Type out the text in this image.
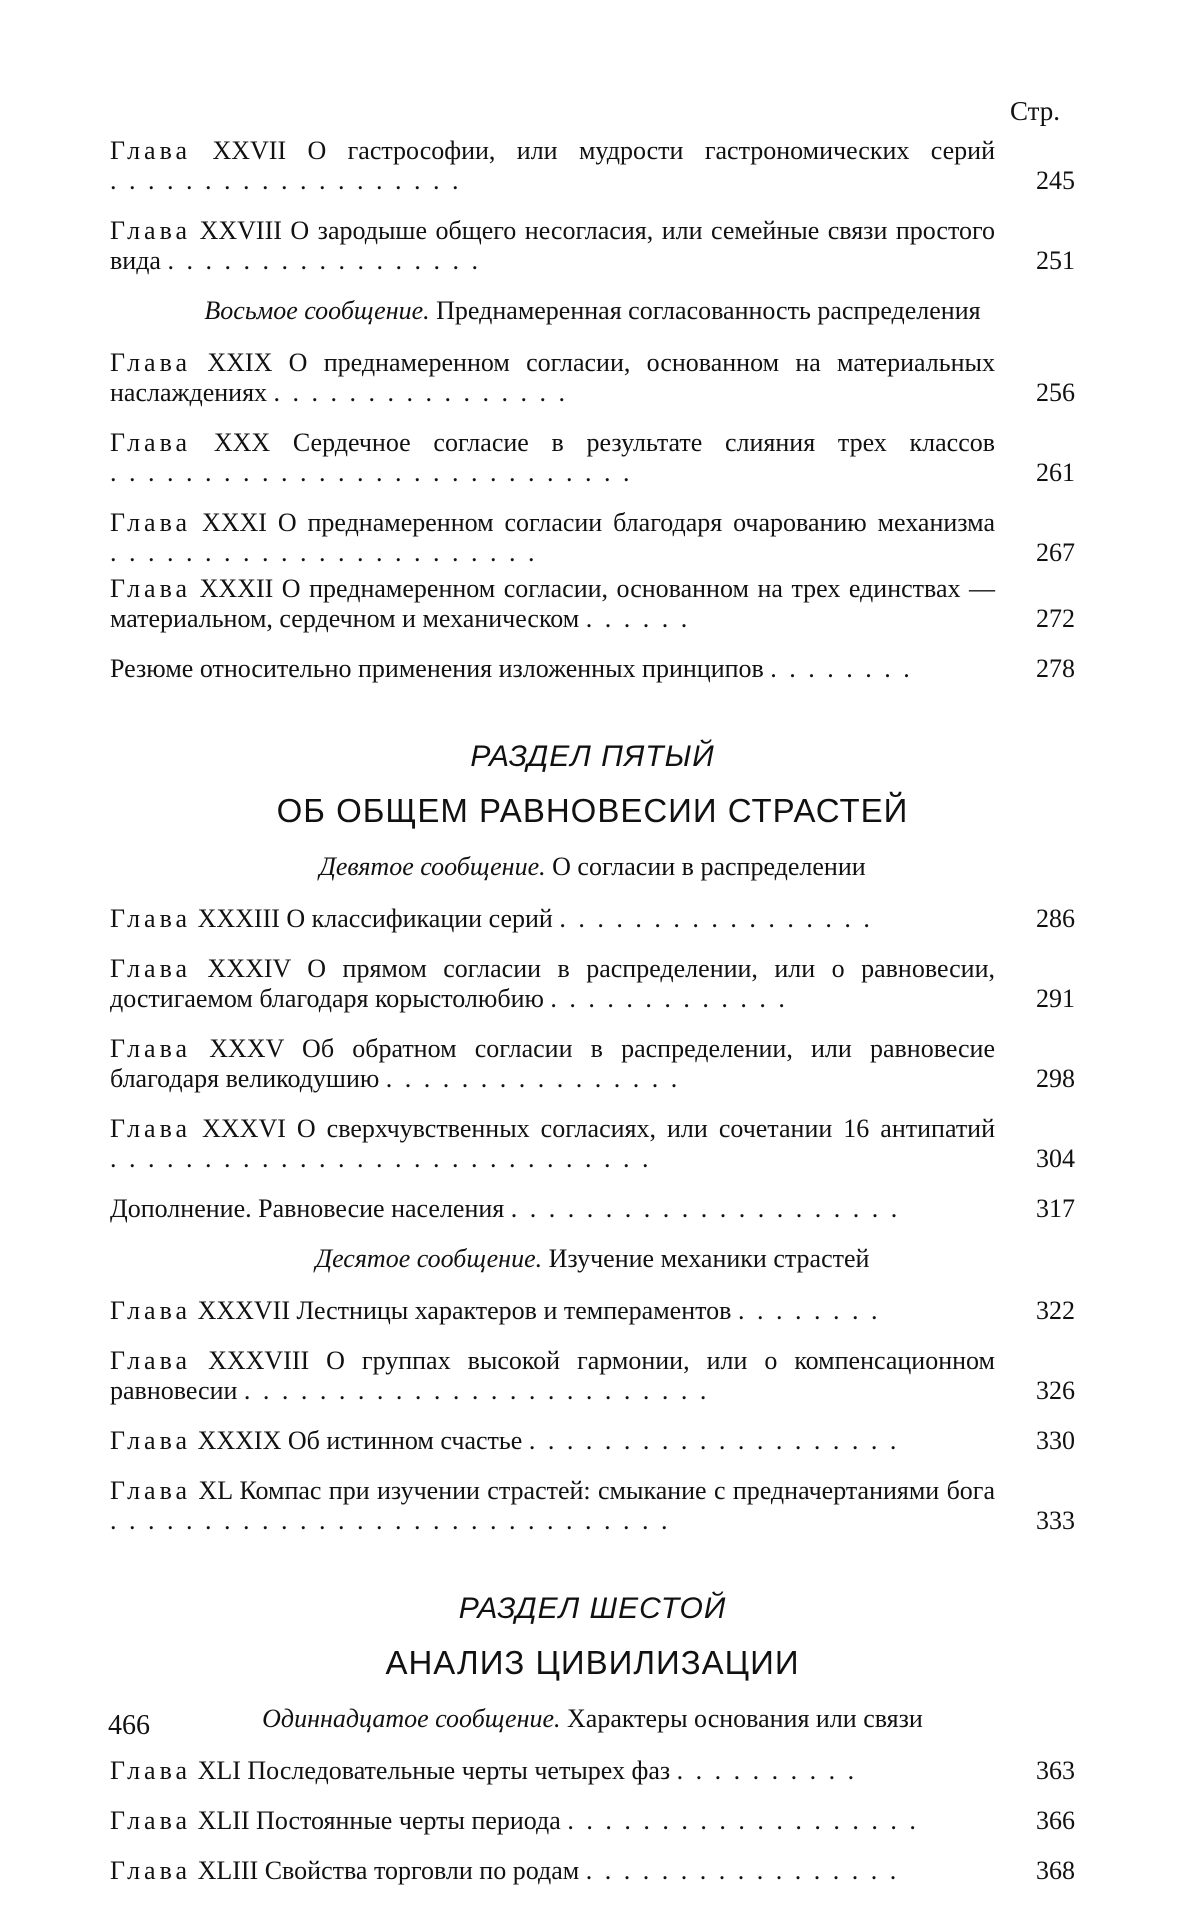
Стр.
Глава XXVII О гастрософии, или мудрости гастрономических серий . . . . . . . . . . . . . . . . . . .	245
Глава XXVIII О зародыше общего несогласия, или семейные связи простого вида . . . . . . . . . . . . . . . . .	251
Восьмое сообщение. Преднамеренная согласованность распределения
Глава XXIX О преднамеренном согласии, основанном на материальных наслаждениях . . . . . . . . . . . . . . . .	256
Глава XXX Сердечное согласие в результате слияния трех классов . . . . . . . . . . . . . . . . . . . . . . . . . . . .	261
Глава XXXI О преднамеренном согласии благодаря очарованию механизма . . . . . . . . . . . . . . . . . . . . . . .	267
Глава XXXII О преднамеренном согласии, основанном на трех единствах — материальном, сердечном и механическом . . . . . .	272
Резюме относительно применения изложенных принципов . . . . . . . .	278
РАЗДЕЛ ПЯТЫЙ
ОБ ОБЩЕМ РАВНОВЕСИИ СТРАСТЕЙ
Девятое сообщение. О согласии в распределении
Глава XXXIII О классификации серий . . . . . . . . . . . . . . . . .	286
Глава XXXIV О прямом согласии в распределении, или о равновесии, достигаемом благодаря корыстолюбию . . . . . . . . . . . . .	291
Глава XXXV Об обратном согласии в распределении, или равновесие благодаря великодушию . . . . . . . . . . . . . . . .	298
Глава XXXVI О сверхчувственных согласиях, или сочетании 16 антипатий . . . . . . . . . . . . . . . . . . . . . . . . . . . . .	304
Дополнение. Равновесие населения . . . . . . . . . . . . . . . . . . . . .	317
Десятое сообщение. Изучение механики страстей
Глава XXXVII Лестницы характеров и темпераментов . . . . . . . .	322
Глава XXXVIII О группах высокой гармонии, или о компенсационном равновесии . . . . . . . . . . . . . . . . . . . . . . . . .	326
Глава XXXIX Об истинном счастье . . . . . . . . . . . . . . . . . . . .	330
Глава XL Компас при изучении страстей: смыкание с предначертаниями бога . . . . . . . . . . . . . . . . . . . . . . . . . . . . . .	333
РАЗДЕЛ ШЕСТОЙ
АНАЛИЗ ЦИВИЛИЗАЦИИ
Одиннадцатое сообщение. Характеры основания или связи
Глава XLI Последовательные черты четырех фаз . . . . . . . . . .	363
Глава XLII Постоянные черты периода . . . . . . . . . . . . . . . . . . .	366
Глава XLIII Свойства торговли по родам . . . . . . . . . . . . . . . . .	368
466
